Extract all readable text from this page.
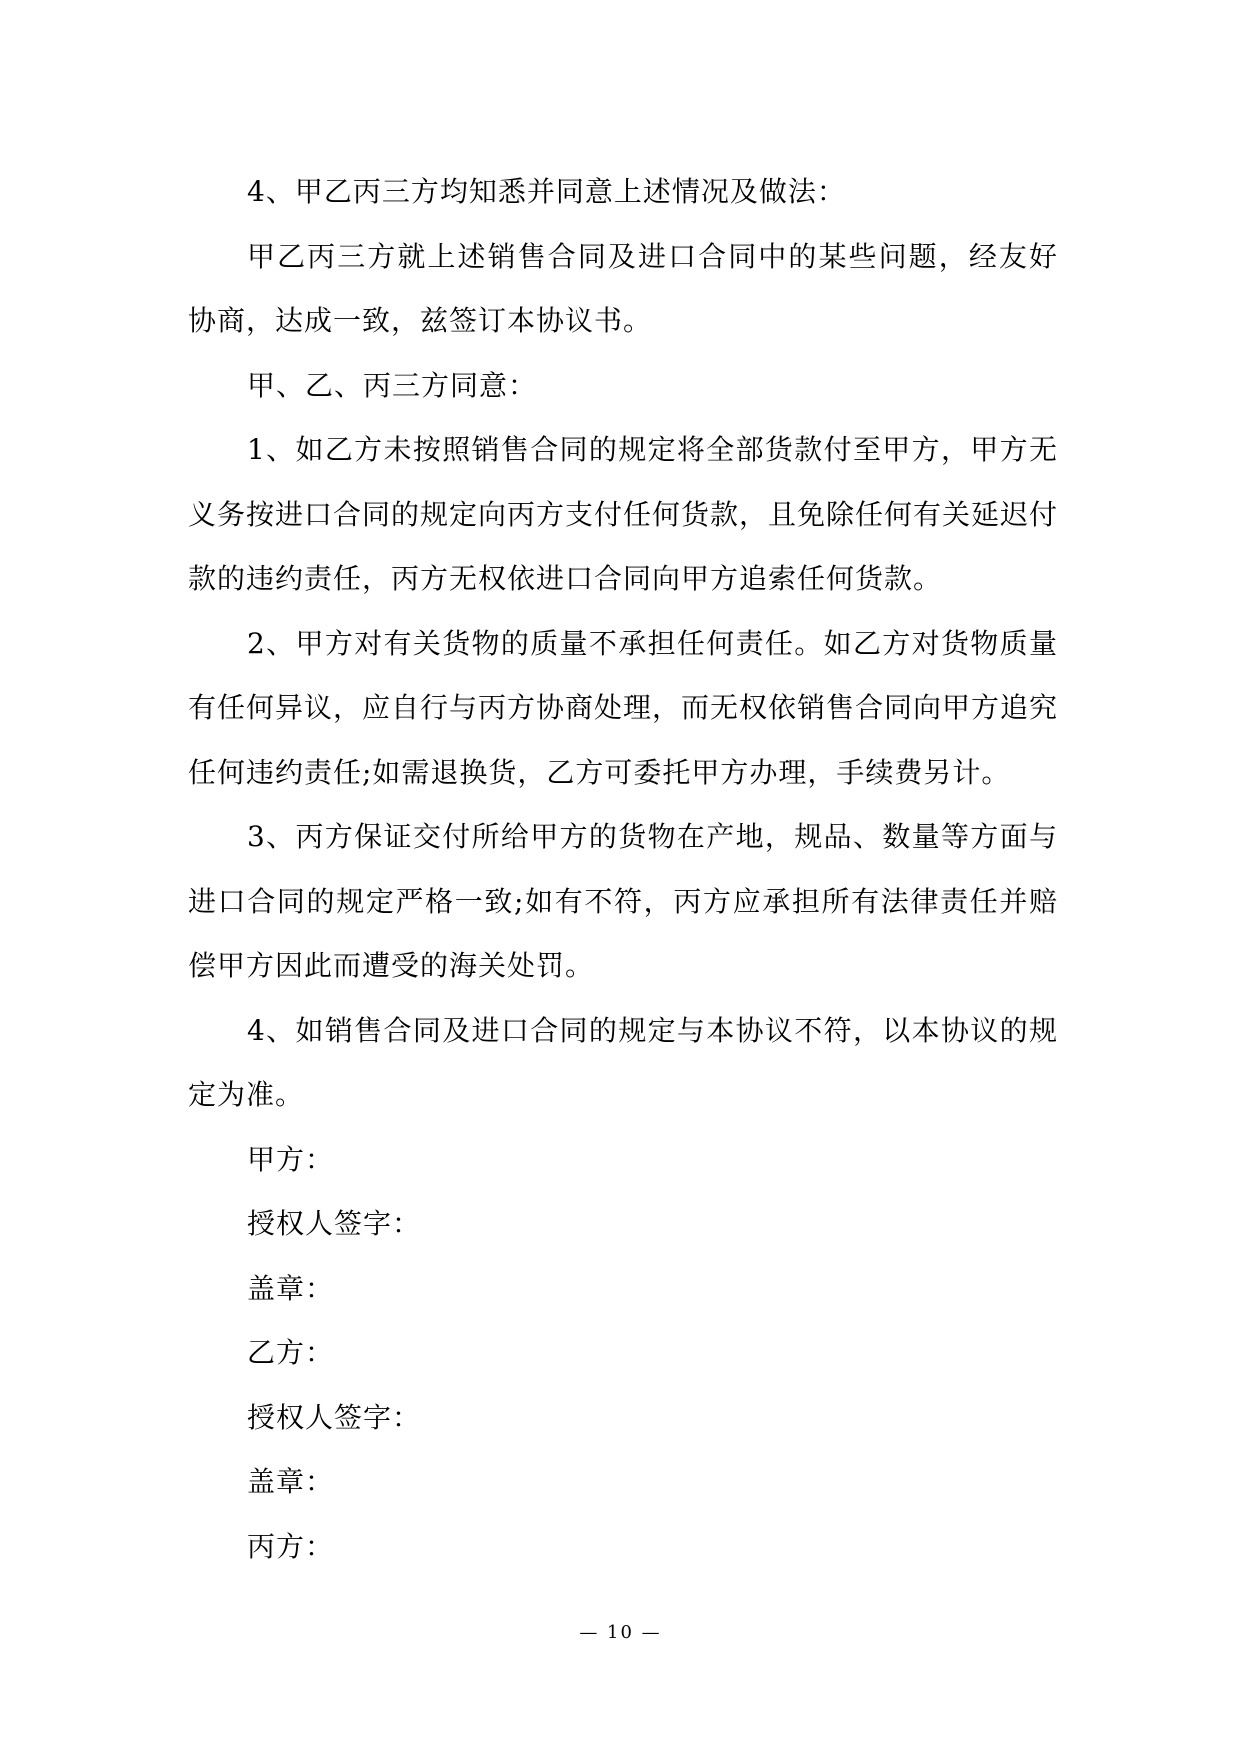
4、甲乙丙三方均知悉并同意上述情况及做法：

甲乙丙三方就上述销售合同及进口合同中的某些问题，经友好协商，达成一致，兹签订本协议书。

甲、乙、丙三方同意：

1、如乙方未按照销售合同的规定将全部货款付至甲方，甲方无义务按进口合同的规定向丙方支付任何货款，且免除任何有关延迟付款的违约责任，丙方无权依进口合同向甲方追索任何货款。

2、甲方对有关货物的质量不承担任何责任。如乙方对货物质量有任何异议，应自行与丙方协商处理，而无权依销售合同向甲方追究任何违约责任;如需退换货，乙方可委托甲方办理，手续费另计。

3、丙方保证交付所给甲方的货物在产地，规品、数量等方面与进口合同的规定严格一致;如有不符，丙方应承担所有法律责任并赔偿甲方因此而遭受的海关处罚。

4、如销售合同及进口合同的规定与本协议不符，以本协议的规定为准。

甲方：

授权人签字：

盖章：

乙方：

授权人签字：

盖章：

丙方：

— 10 —
